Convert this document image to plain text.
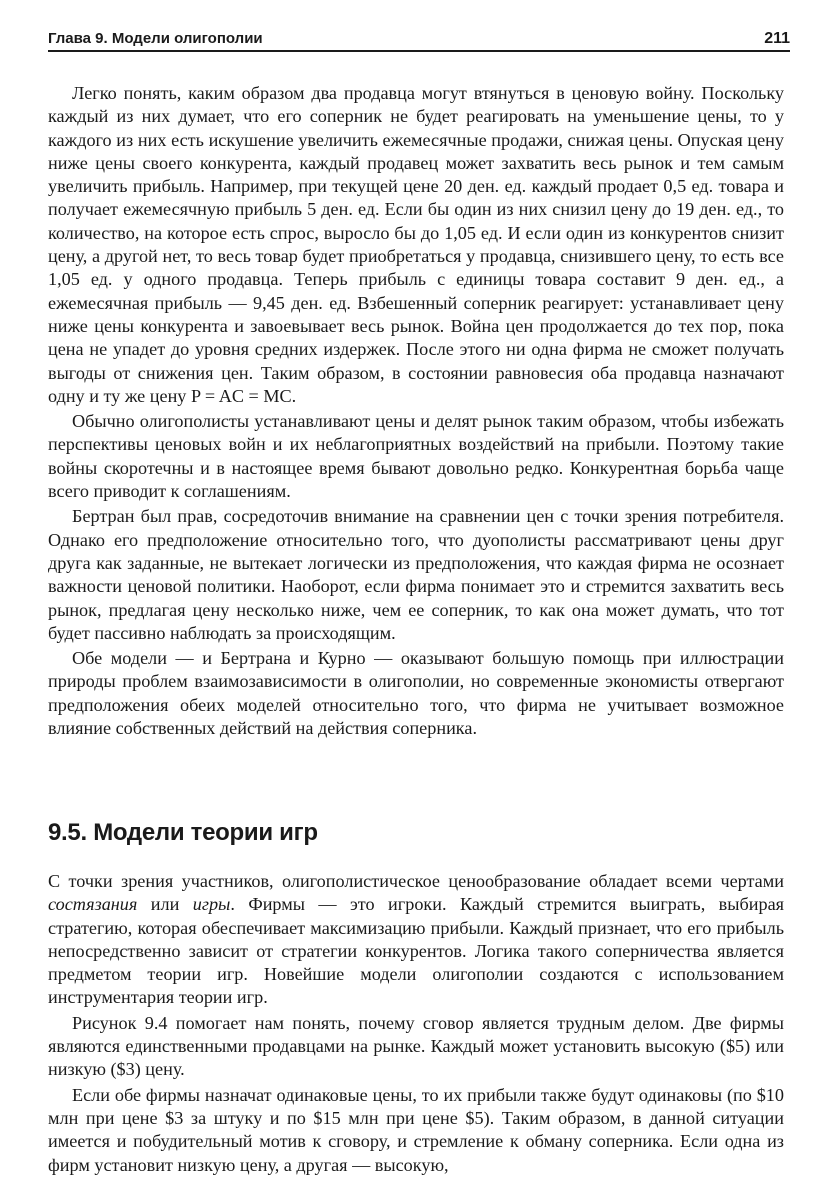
Глава 9. Модели олигополии	211

Легко понять, каким образом два продавца могут втянуться в ценовую войну. Поскольку каждый из них думает, что его соперник не будет реагировать на уменьшение цены, то у каждого из них есть искушение увеличить ежемесячные продажи, снижая цены. Опуская цену ниже цены своего конкурента, каждый продавец может захватить весь рынок и тем самым увеличить прибыль. Например, при текущей цене 20 ден. ед. каждый продает 0,5 ед. товара и получает ежемесячную прибыль 5 ден. ед. Если бы один из них снизил цену до 19 ден. ед., то количество, на которое есть спрос, выросло бы до 1,05 ед. И если один из конкурентов снизит цену, а другой нет, то весь товар будет приобретаться у продавца, снизившего цену, то есть все 1,05 ед. у одного продавца. Теперь прибыль с единицы товара составит 9 ден. ед., а ежемесячная прибыль — 9,45 ден. ед. Взбешенный соперник реагирует: устанавливает цену ниже цены конкурента и завоевывает весь рынок. Война цен продолжается до тех пор, пока цена не упадет до уровня средних издержек. После этого ни одна фирма не сможет получать выгоды от снижения цен. Таким образом, в состоянии равновесия оба продавца назначают одну и ту же цену P = AC = MC.

Обычно олигополисты устанавливают цены и делят рынок таким образом, чтобы избежать перспективы ценовых войн и их неблагоприятных воздействий на прибыли. Поэтому такие войны скоротечны и в настоящее время бывают довольно редко. Конкурентная борьба чаще всего приводит к соглашениям.

Бертран был прав, сосредоточив внимание на сравнении цен с точки зрения потребителя. Однако его предположение относительно того, что дуополисты рассматривают цены друг друга как заданные, не вытекает логически из предположения, что каждая фирма не осознает важности ценовой политики. Наоборот, если фирма понимает это и стремится захватить весь рынок, предлагая цену несколько ниже, чем ее соперник, то как она может думать, что тот будет пассивно наблюдать за происходящим.

Обе модели — и Бертрана и Курно — оказывают большую помощь при иллюстрации природы проблем взаимозависимости в олигополии, но современные экономисты отвергают предположения обеих моделей относительно того, что фирма не учитывает возможное влияние собственных действий на действия соперника.

9.5. Модели теории игр

С точки зрения участников, олигополистическое ценообразование обладает всеми чертами состязания или игры. Фирмы — это игроки. Каждый стремится выиграть, выбирая стратегию, которая обеспечивает максимизацию прибыли. Каждый признает, что его прибыль непосредственно зависит от стратегии конкурентов. Логика такого соперничества является предметом теории игр. Новейшие модели олигополии создаются с использованием инструментария теории игр.

Рисунок 9.4 помогает нам понять, почему сговор является трудным делом. Две фирмы являются единственными продавцами на рынке. Каждый может установить высокую ($5) или низкую ($3) цену.

Если обе фирмы назначат одинаковые цены, то их прибыли также будут одинаковы (по $10 млн при цене $3 за штуку и по $15 млн при цене $5). Таким образом, в данной ситуации имеется и побудительный мотив к сговору, и стремление к обману соперника. Если одна из фирм установит низкую цену, а другая — высокую,
